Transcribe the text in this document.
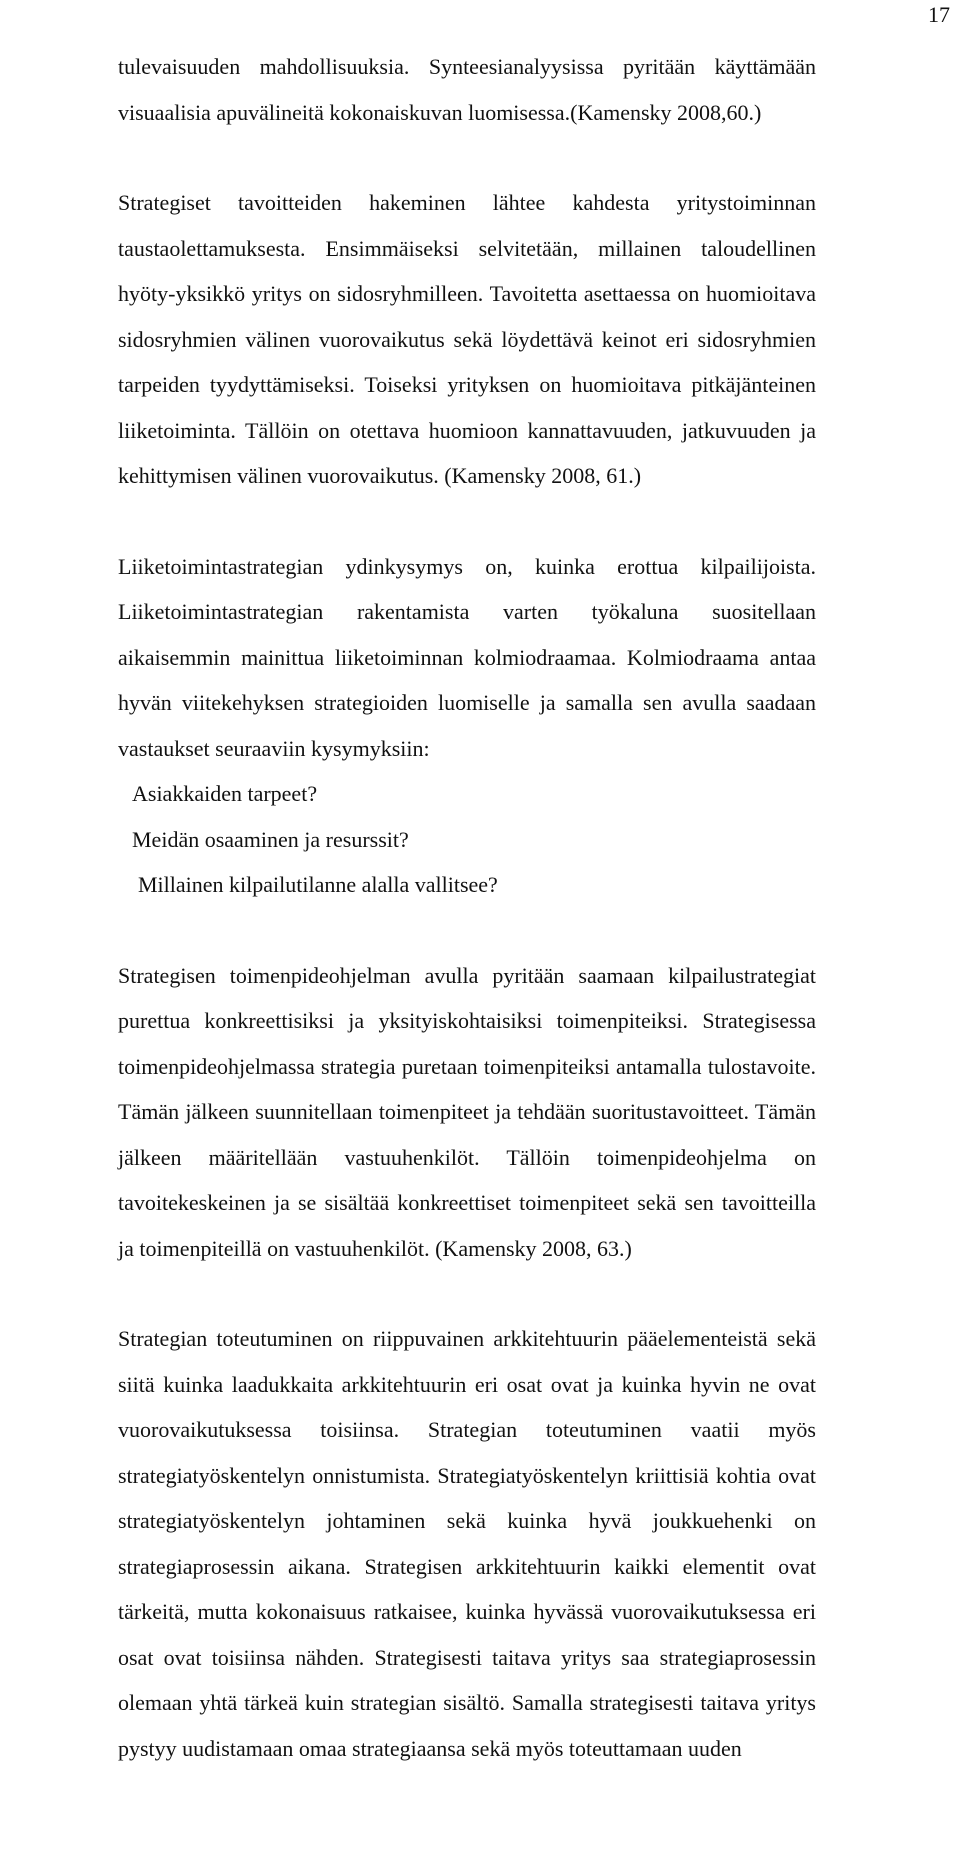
17

tulevaisuuden mahdollisuuksia. Synteesianalyysissa pyritään käyttämään visuaalisia apuvälineitä kokonaiskuvan luomisessa.(Kamensky 2008,60.)

Strategiset tavoitteiden hakeminen lähtee kahdesta yritystoiminnan taustaolettamuksesta. Ensimmäiseksi selvitetään, millainen taloudellinen hyöty-yksikkö yritys on sidosryhmilleen. Tavoitetta asettaessa on huomioitava sidosryhmien välinen vuorovaikutus sekä löydettävä keinot eri sidosryhmien tarpeiden tyydyttämiseksi. Toiseksi yrityksen on huomioitava pitkäjänteinen liiketoiminta. Tällöin on otettava huomioon kannattavuuden, jatkuvuuden ja kehittymisen välinen vuorovaikutus. (Kamensky 2008, 61.)

Liiketoimintastrategian ydinkysymys on, kuinka erottua kilpailijoista. Liiketoimintastrategian rakentamista varten työkaluna suositellaan aikaisemmin mainittua liiketoiminnan kolmiodraamaa. Kolmiodraama antaa hyvän viitekehyksen strategioiden luomiselle ja samalla sen avulla saadaan vastaukset seuraaviin kysymyksiin:

Asiakkaiden tarpeet?
Meidän osaaminen ja resurssit?
Millainen kilpailutilanne alalla vallitsee?

Strategisen toimenpideohjelman avulla pyritään saamaan kilpailustrategiat purettua konkreettisiksi ja yksityiskohtaisiksi toimenpiteiksi. Strategisessa toimenpideohjelmassa strategia puretaan toimenpiteiksi antamalla tulostavoite. Tämän jälkeen suunnitellaan toimenpiteet ja tehdään suoritustavoitteet. Tämän jälkeen määritellään vastuuhenkilöt. Tällöin toimenpideohjelma on tavoitekeskeinen ja se sisältää konkreettiset toimenpiteet sekä sen tavoitteilla ja toimenpiteillä on vastuuhenkilöt. (Kamensky 2008, 63.)

Strategian toteutuminen on riippuvainen arkkitehtuurin pääelementeistä sekä siitä kuinka laadukkaita arkkitehtuurin eri osat ovat ja kuinka hyvin ne ovat vuorovaikutuksessa toisiinsa. Strategian toteutuminen vaatii myös strategiatyöskentelyn onnistumista. Strategiatyöskentelyn kriittisiä kohtia ovat strategiatyöskentelyn johtaminen sekä kuinka hyvä joukkuehenki on strategiaprosessin aikana. Strategisen arkkitehtuurin kaikki elementit ovat tärkeitä, mutta kokonaisuus ratkaisee, kuinka hyvässä vuorovaikutuksessa eri osat ovat toisiinsa nähden. Strategisesti taitava yritys saa strategiaprosessin olemaan yhtä tärkeä kuin strategian sisältö. Samalla strategisesti taitava yritys pystyy uudistamaan omaa strategiaansa sekä myös toteuttamaan uuden
